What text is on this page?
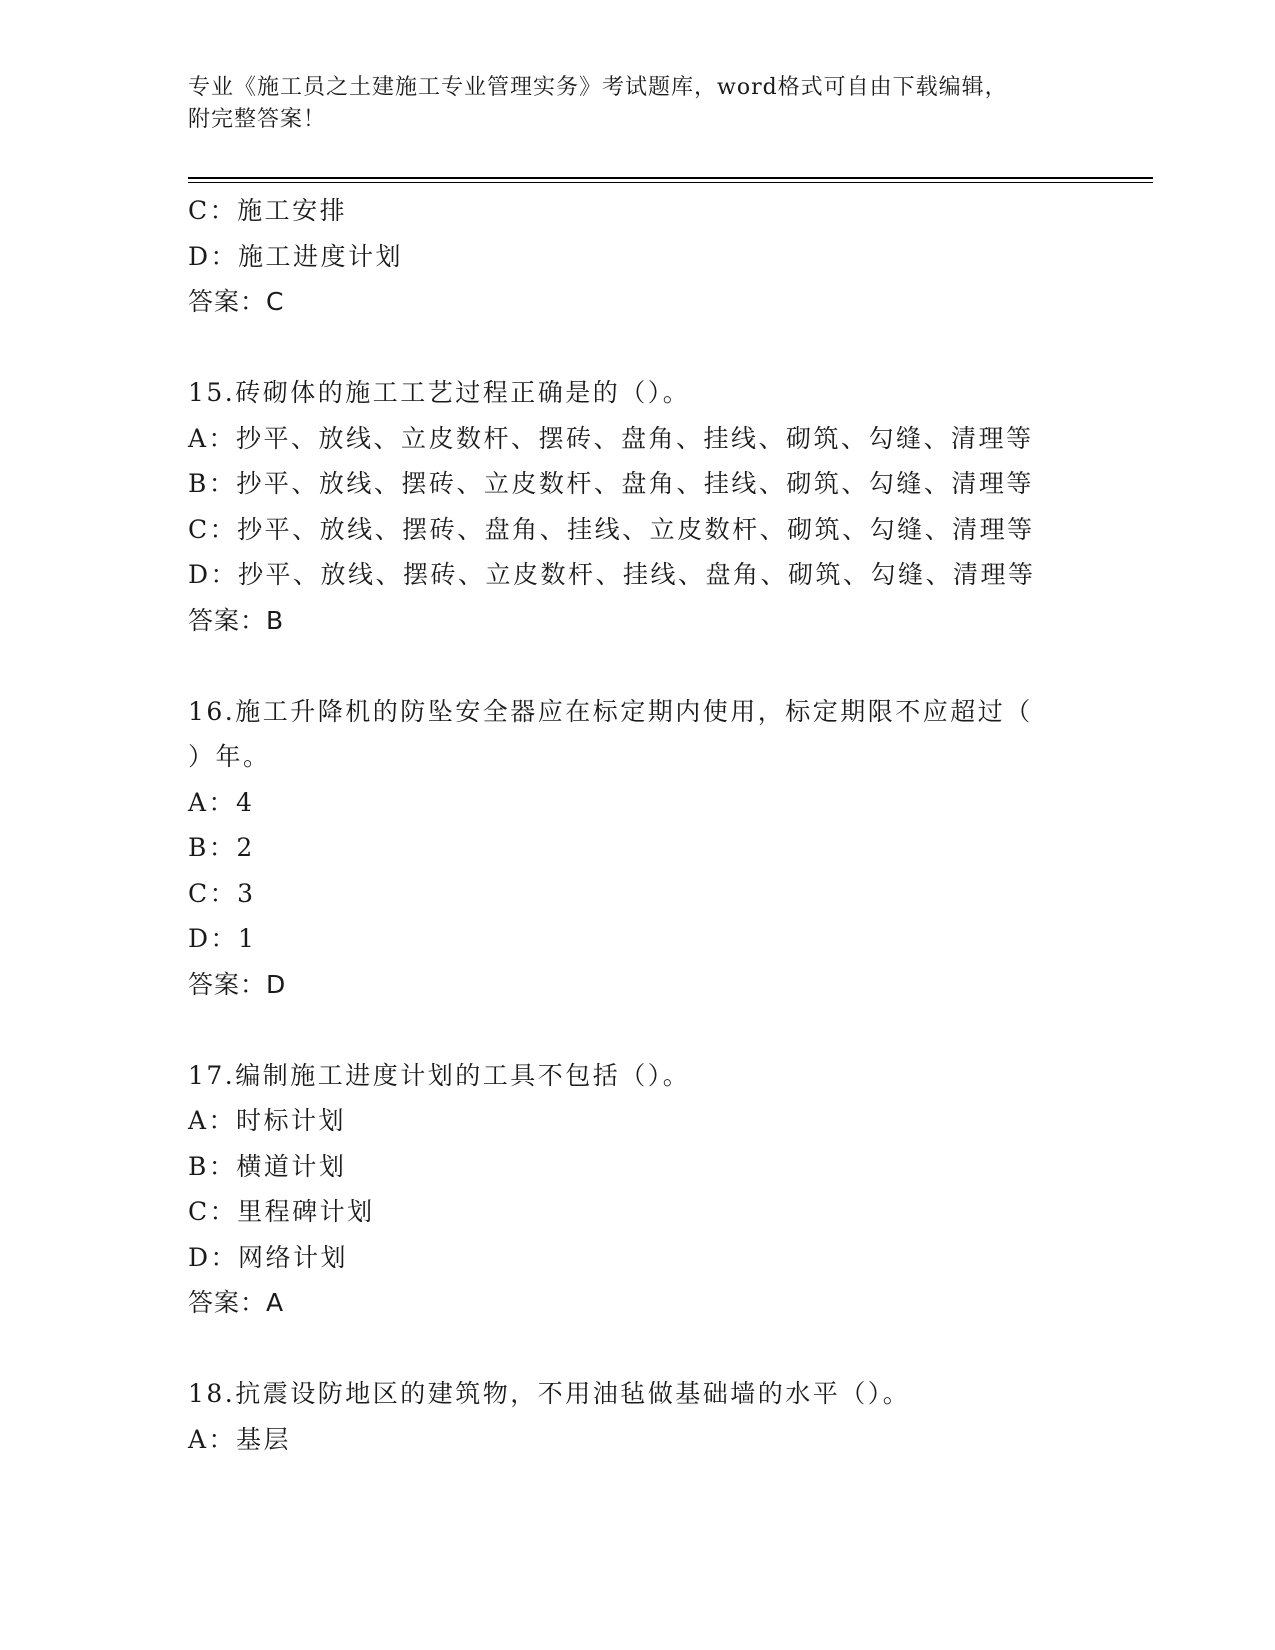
专业《施工员之土建施工专业管理实务》考试题库，word格式可自由下载编辑，
附完整答案！
C：施工安排
D：施工进度计划
答案：C
15.砖砌体的施工工艺过程正确是的（）。
A：抄平、放线、立皮数杆、摆砖、盘角、挂线、砌筑、勾缝、清理等
B：抄平、放线、摆砖、立皮数杆、盘角、挂线、砌筑、勾缝、清理等
C：抄平、放线、摆砖、盘角、挂线、立皮数杆、砌筑、勾缝、清理等
D：抄平、放线、摆砖、立皮数杆、挂线、盘角、砌筑、勾缝、清理等
答案：B
16.施工升降机的防坠安全器应在标定期内使用，标定期限不应超过（
）年。
A：4
B：2
C：3
D：1
答案：D
17.编制施工进度计划的工具不包括（）。
A：时标计划
B：横道计划
C：里程碑计划
D：网络计划
答案：A
18.抗震设防地区的建筑物，不用油毡做基础墙的水平（）。
A：基层
